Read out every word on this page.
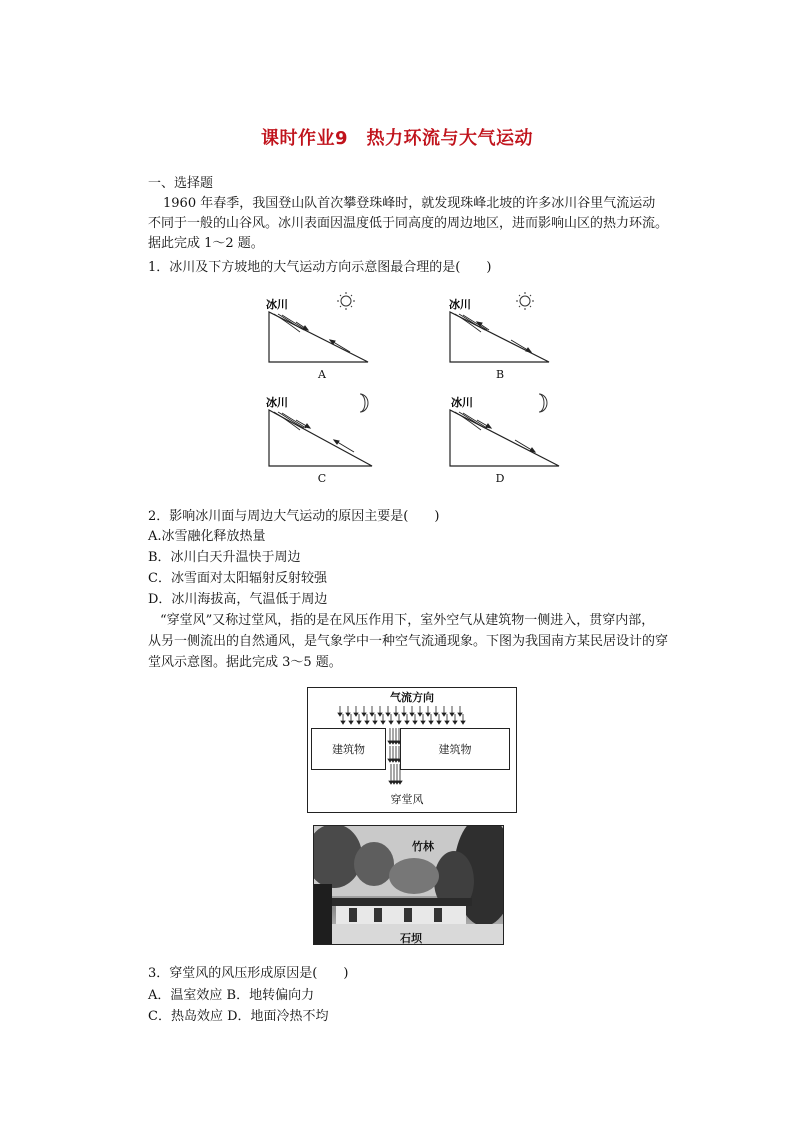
课时作业9　热力环流与大气运动
一、选择题
1960 年春季，我国登山队首次攀登珠峰时，就发现珠峰北坡的许多冰川谷里气流运动
不同于一般的山谷风。冰川表面因温度低于同高度的周边地区，进而影响山区的热力环流。
据此完成 1～2 题。
1．冰川及下方坡地的大气运动方向示意图最合理的是(　　)
冰川
A
冰川
B
冰川
C
冰川
D
2．影响冰川面与周边大气运动的原因主要是(　　)
A.冰雪融化释放热量
B．冰川白天升温快于周边
C．冰雪面对太阳辐射反射较强
D．冰川海拔高，气温低于周边
“穿堂风”又称过堂风，指的是在风压作用下，室外空气从建筑物一侧进入，贯穿内部，
从另一侧流出的自然通风，是气象学中一种空气流通现象。下图为我国南方某民居设计的穿
堂风示意图。据此完成 3～5 题。
气流方向
建筑物	建筑物
穿堂风
竹林
石坝
3．穿堂风的风压形成原因是(　　)
A．温室效应 B．地转偏向力
C．热岛效应 D．地面冷热不均
